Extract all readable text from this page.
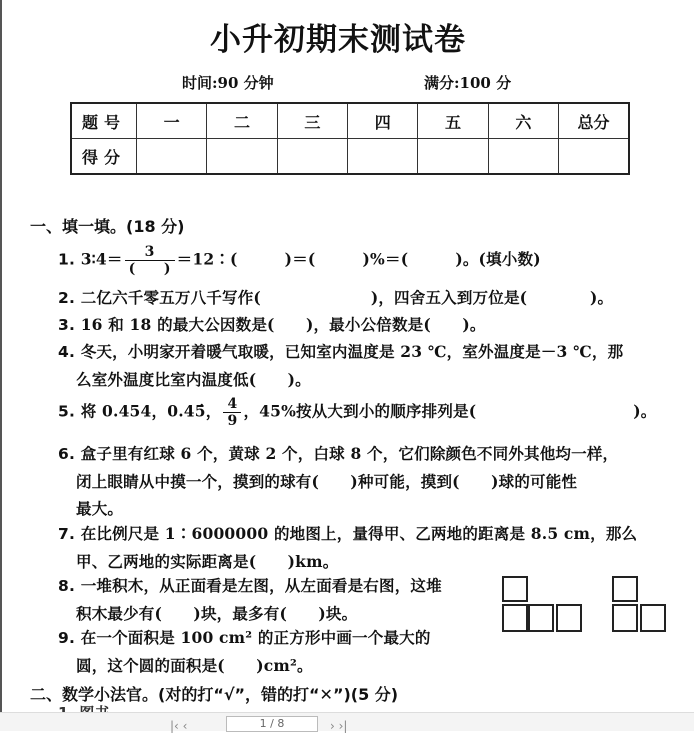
小升初期末测试卷
时间:90 分钟	满分:100 分
题号	一	二	三	四	五	六	总分
得分							
一、填一填。(18 分)
1. 3∶4＝ $\frac{3}{( )}$ ＝12∶(　　　)＝(　　　)%＝(　　　)。(填小数)
2. 二亿六千零五万八千写作(　　　　　　　)，四舍五入到万位是(　　　　)。
3. 16 和 18 的最大公因数是(　　)，最小公倍数是(　　)。
4. 冬天，小明家开着暖气取暖，已知室内温度是 23 ℃，室外温度是－3 ℃，那
么室外温度比室内温度低(　　)。
5. 将 0.454，0.45̇， $\frac{4}{9}$ ，45%按从大到小的顺序排列是(　　　　　　　　　　)。
6. 盒子里有红球 6 个，黄球 2 个，白球 8 个，它们除颜色不同外其他均一样，
闭上眼睛从中摸一个，摸到的球有(　　)种可能，摸到(　　)球的可能性
最大。
7. 在比例尺是 1∶6000000 的地图上，量得甲、乙两地的距离是 8.5 cm，那么
甲、乙两地的实际距离是(　　)km。
8. 一堆积木，从正面看是左图，从左面看是右图，这堆
积木最少有(　　)块，最多有(　　)块。
9. 在一个面积是 100 cm² 的正方形中画一个最大的
圆，这个圆的面积是(　　)cm²。
二、数学小法官。(对的打“√”，错的打“✕”)(5 分)
|‹ ‹	1 / 8	› ›|
